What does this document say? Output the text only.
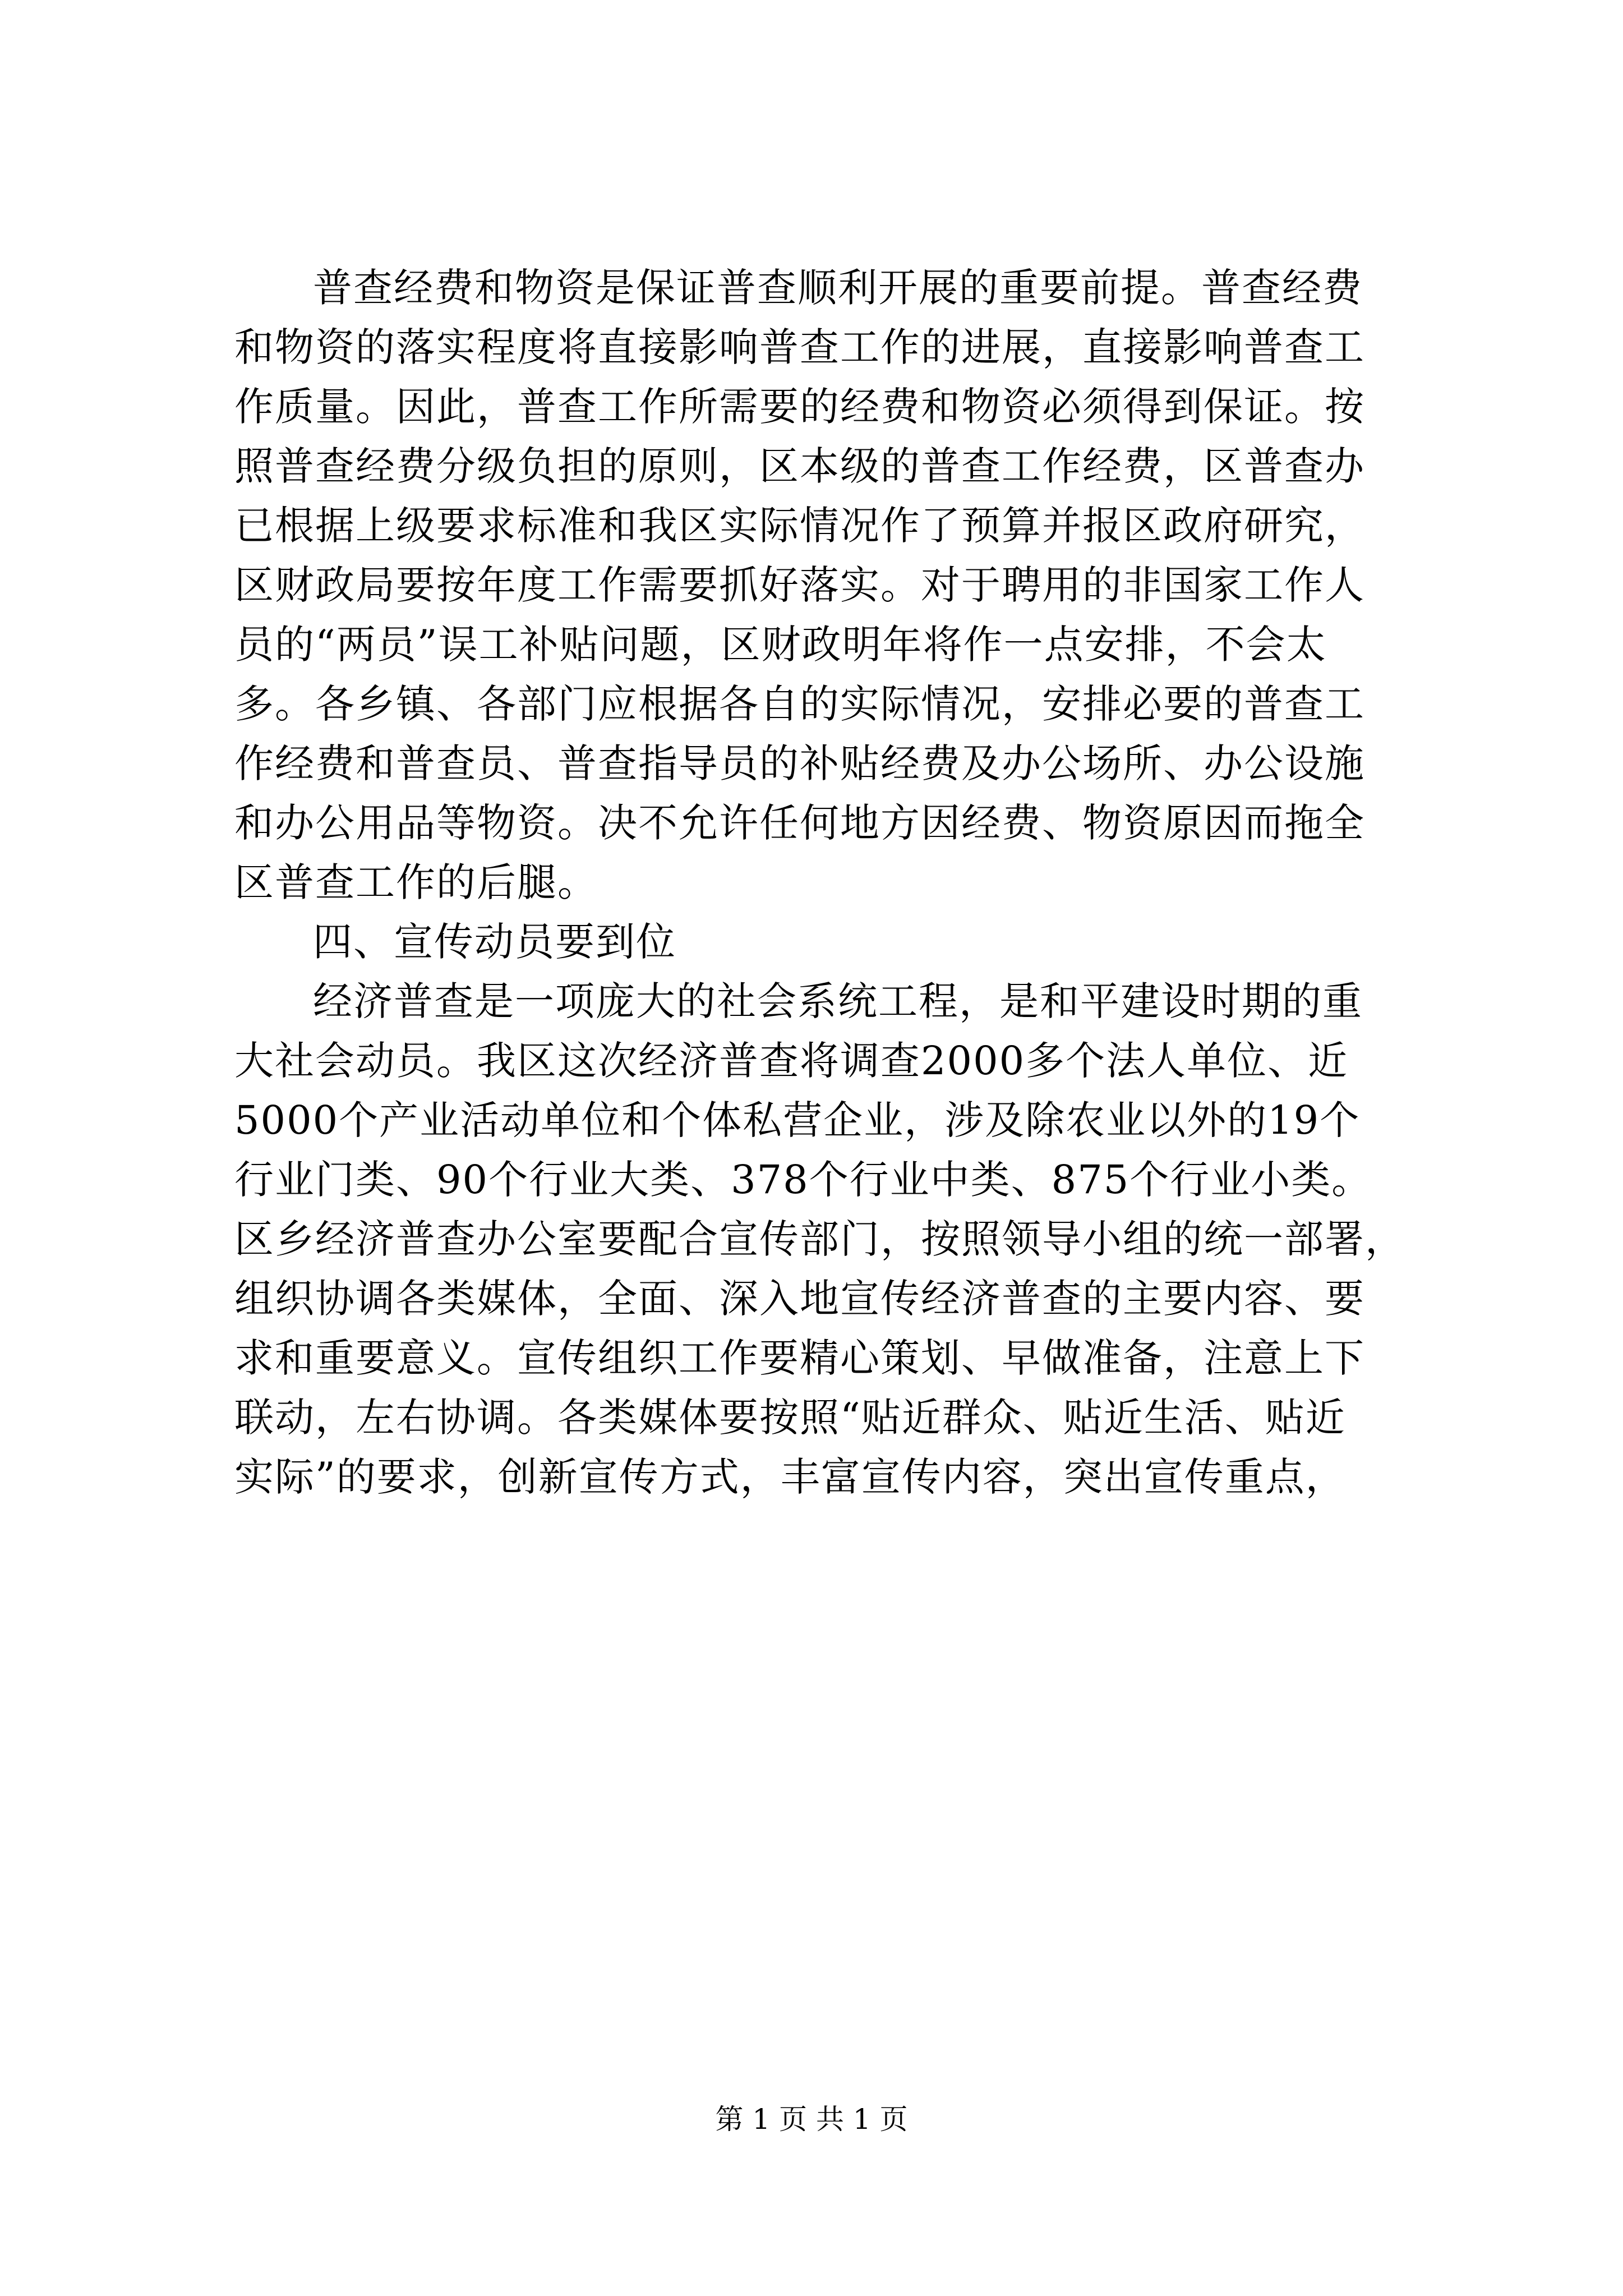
普查经费和物资是保证普查顺利开展的重要前提。普查经费
和物资的落实程度将直接影响普查工作的进展，直接影响普查工
作质量。因此，普查工作所需要的经费和物资必须得到保证。按
照普查经费分级负担的原则，区本级的普查工作经费，区普查办
已根据上级要求标准和我区实际情况作了预算并报区政府研究，
区财政局要按年度工作需要抓好落实。对于聘用的非国家工作人
员的“两员”误工补贴问题，区财政明年将作一点安排，不会太
多。各乡镇、各部门应根据各自的实际情况，安排必要的普查工
作经费和普查员、普查指导员的补贴经费及办公场所、办公设施
和办公用品等物资。决不允许任何地方因经费、物资原因而拖全
区普查工作的后腿。
四、宣传动员要到位
经济普查是一项庞大的社会系统工程，是和平建设时期的重
大社会动员。我区这次经济普查将调查2000多个法人单位、近
5000个产业活动单位和个体私营企业，涉及除农业以外的19个
行业门类、90个行业大类、378个行业中类、875个行业小类。
区乡经济普查办公室要配合宣传部门，按照领导小组的统一部署，
组织协调各类媒体，全面、深入地宣传经济普查的主要内容、要
求和重要意义。宣传组织工作要精心策划、早做准备，注意上下
联动，左右协调。各类媒体要按照“贴近群众、贴近生活、贴近
实际”的要求，创新宣传方式，丰富宣传内容，突出宣传重点，
第 1 页 共 1 页
